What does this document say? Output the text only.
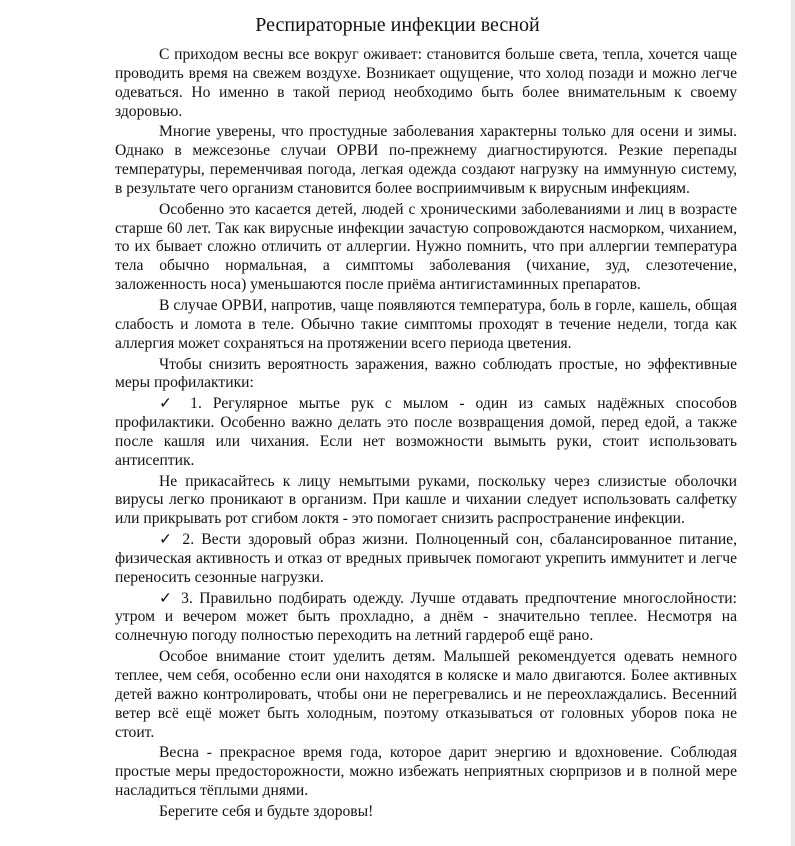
Респираторные инфекции весной

С приходом весны все вокруг оживает: становится больше света, тепла, хочется чаще проводить время на свежем воздухе. Возникает ощущение, что холод позади и можно легче одеваться. Но именно в такой период необходимо быть более внимательным к своему здоровью.

Многие уверены, что простудные заболевания характерны только для осени и зимы. Однако в межсезонье случаи ОРВИ по-прежнему диагностируются. Резкие перепады температуры, переменчивая погода, легкая одежда создают нагрузку на иммунную систему, в результате чего организм становится более восприимчивым к вирусным инфекциям.

Особенно это касается детей, людей с хроническими заболеваниями и лиц в возрасте старше 60 лет. Так как вирусные инфекции зачастую сопровождаются насморком, чиханием, то их бывает сложно отличить от аллергии. Нужно помнить, что при аллергии температура тела обычно нормальная, а симптомы заболевания (чихание, зуд, слезотечение, заложенность носа) уменьшаются после приёма антигистаминных препаратов.

В случае ОРВИ, напротив, чаще появляются температура, боль в горле, кашель, общая слабость и ломота в теле. Обычно такие симптомы проходят в течение недели, тогда как аллергия может сохраняться на протяжении всего периода цветения.

Чтобы снизить вероятность заражения, важно соблюдать простые, но эффективные меры профилактики:

✓ 1. Регулярное мытье рук с мылом - один из самых надёжных способов профилактики. Особенно важно делать это после возвращения домой, перед едой, а также после кашля или чихания. Если нет возможности вымыть руки, стоит использовать антисептик.

Не прикасайтесь к лицу немытыми руками, поскольку через слизистые оболочки вирусы легко проникают в организм. При кашле и чихании следует использовать салфетку или прикрывать рот сгибом локтя - это помогает снизить распространение инфекции.

✓ 2. Вести здоровый образ жизни. Полноценный сон, сбалансированное питание, физическая активность и отказ от вредных привычек помогают укрепить иммунитет и легче переносить сезонные нагрузки.

✓ 3. Правильно подбирать одежду. Лучше отдавать предпочтение многослойности: утром и вечером может быть прохладно, а днём - значительно теплее. Несмотря на солнечную погоду полностью переходить на летний гардероб ещё рано.

Особое внимание стоит уделить детям. Малышей рекомендуется одевать немного теплее, чем себя, особенно если они находятся в коляске и мало двигаются. Более активных детей важно контролировать, чтобы они не перегревались и не переохлаждались. Весенний ветер всё ещё может быть холодным, поэтому отказываться от головных уборов пока не стоит.

Весна - прекрасное время года, которое дарит энергию и вдохновение. Соблюдая простые меры предосторожности, можно избежать неприятных сюрпризов и в полной мере насладиться тёплыми днями.

Берегите себя и будьте здоровы!
